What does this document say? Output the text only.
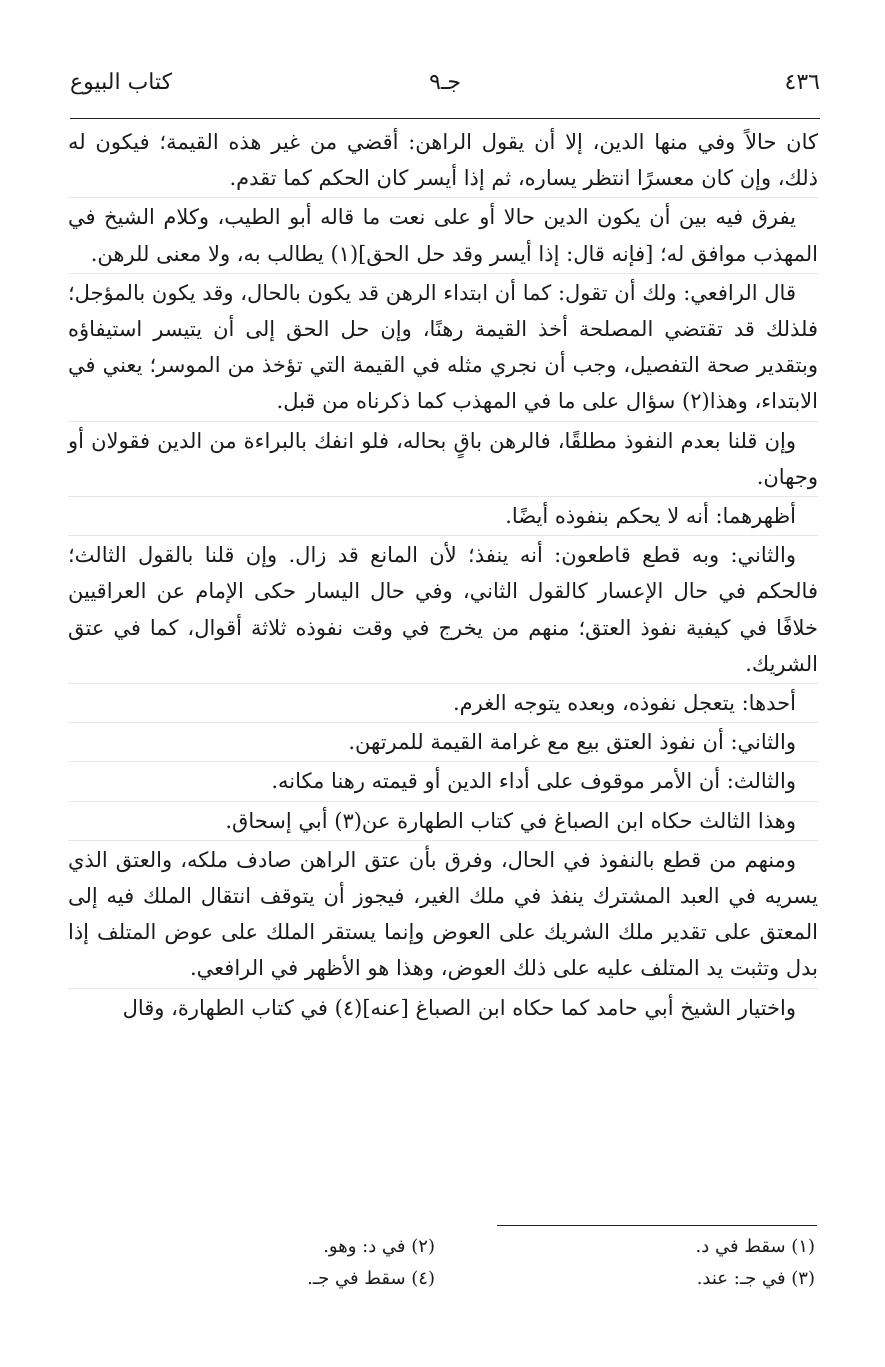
٤٣٦
جـ٩
كتاب البيوع

كان حالاً وفي منها الدين، إلا أن يقول الراهن: أقضي من غير هذه القيمة؛ فيكون له ذلك، وإن كان معسرًا انتظر يساره، ثم إذا أيسر كان الحكم كما تقدم.

يفرق فيه بين أن يكون الدين حالا أو على نعت ما قاله أبو الطيب، وكلام الشيخ في المهذب موافق له؛ [فإنه قال: إذا أيسر وقد حل الحق](١) يطالب به، ولا معنى للرهن.

قال الرافعي: ولك أن تقول: كما أن ابتداء الرهن قد يكون بالحال، وقد يكون بالمؤجل؛ فلذلك قد تقتضي المصلحة أخذ القيمة رهنًا، وإن حل الحق إلى أن يتيسر استيفاؤه وبتقدير صحة التفصيل، وجب أن نجري مثله في القيمة التي تؤخذ من الموسر؛ يعني في الابتداء، وهذا(٢) سؤال على ما في المهذب كما ذكرناه من قبل.

وإن قلنا بعدم النفوذ مطلقًا، فالرهن باقٍ بحاله، فلو انفك بالبراءة من الدين فقولان أو وجهان.

أظهرهما: أنه لا يحكم بنفوذه أيضًا.

والثاني: وبه قطع قاطعون: أنه ينفذ؛ لأن المانع قد زال. وإن قلنا بالقول الثالث؛ فالحكم في حال الإعسار كالقول الثاني، وفي حال اليسار حكى الإمام عن العراقيين خلافًا في كيفية نفوذ العتق؛ منهم من يخرج في وقت نفوذه ثلاثة أقوال، كما في عتق الشريك.

أحدها: يتعجل نفوذه، وبعده يتوجه الغرم.

والثاني: أن نفوذ العتق بيع مع غرامة القيمة للمرتهن.

والثالث: أن الأمر موقوف على أداء الدين أو قيمته رهنا مكانه.

وهذا الثالث حكاه ابن الصباغ في كتاب الطهارة عن(٣) أبي إسحاق.

ومنهم من قطع بالنفوذ في الحال، وفرق بأن عتق الراهن صادف ملكه، والعتق الذي يسريه في العبد المشترك ينفذ في ملك الغير، فيجوز أن يتوقف انتقال الملك فيه إلى المعتق على تقدير ملك الشريك على العوض وإنما يستقر الملك على عوض المتلف إذا بدل وتثبت يد المتلف عليه على ذلك العوض، وهذا هو الأظهر في الرافعي.

واختيار الشيخ أبي حامد كما حكاه ابن الصباغ [عنه](٤) في كتاب الطهارة، وقال

(١) سقط في د.
(٢) في د: وهو.
(٣) في جـ: عند.
(٤) سقط في جـ.
